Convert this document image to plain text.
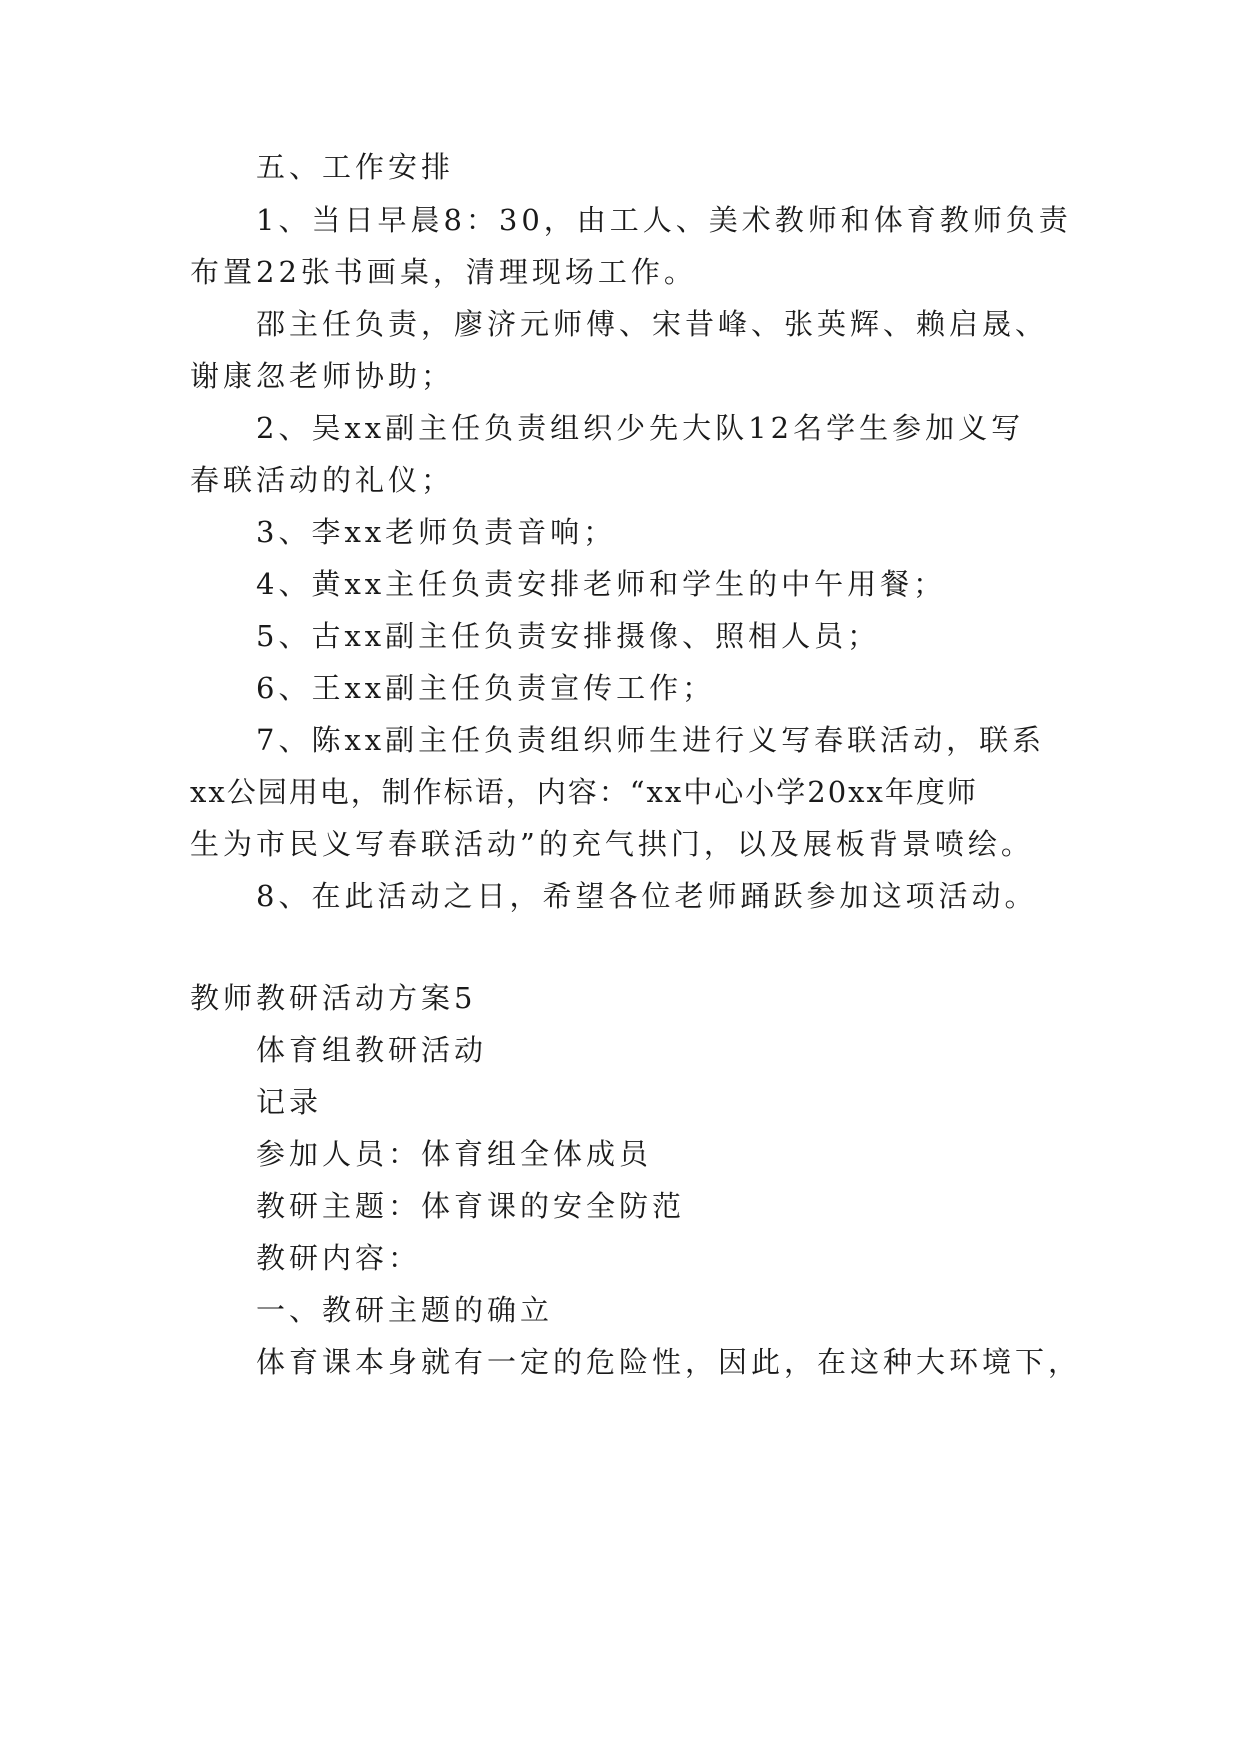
五、工作安排
1、当日早晨8：30，由工人、美术教师和体育教师负责
布置22张书画桌，清理现场工作。
邵主任负责，廖济元师傅、宋昔峰、张英辉、赖启晟、
谢康忽老师协助；
2、吴xx副主任负责组织少先大队12名学生参加义写
春联活动的礼仪；
3、李xx老师负责音响；
4、黄xx主任负责安排老师和学生的中午用餐；
5、古xx副主任负责安排摄像、照相人员；
6、王xx副主任负责宣传工作；
7、陈xx副主任负责组织师生进行义写春联活动，联系
xx公园用电，制作标语，内容：“xx中心小学20xx年度师
生为市民义写春联活动”的充气拱门，以及展板背景喷绘。
8、在此活动之日，希望各位老师踊跃参加这项活动。
教师教研活动方案5
体育组教研活动
记录
参加人员：体育组全体成员
教研主题：体育课的安全防范
教研内容：
一、教研主题的确立
体育课本身就有一定的危险性，因此，在这种大环境下，
